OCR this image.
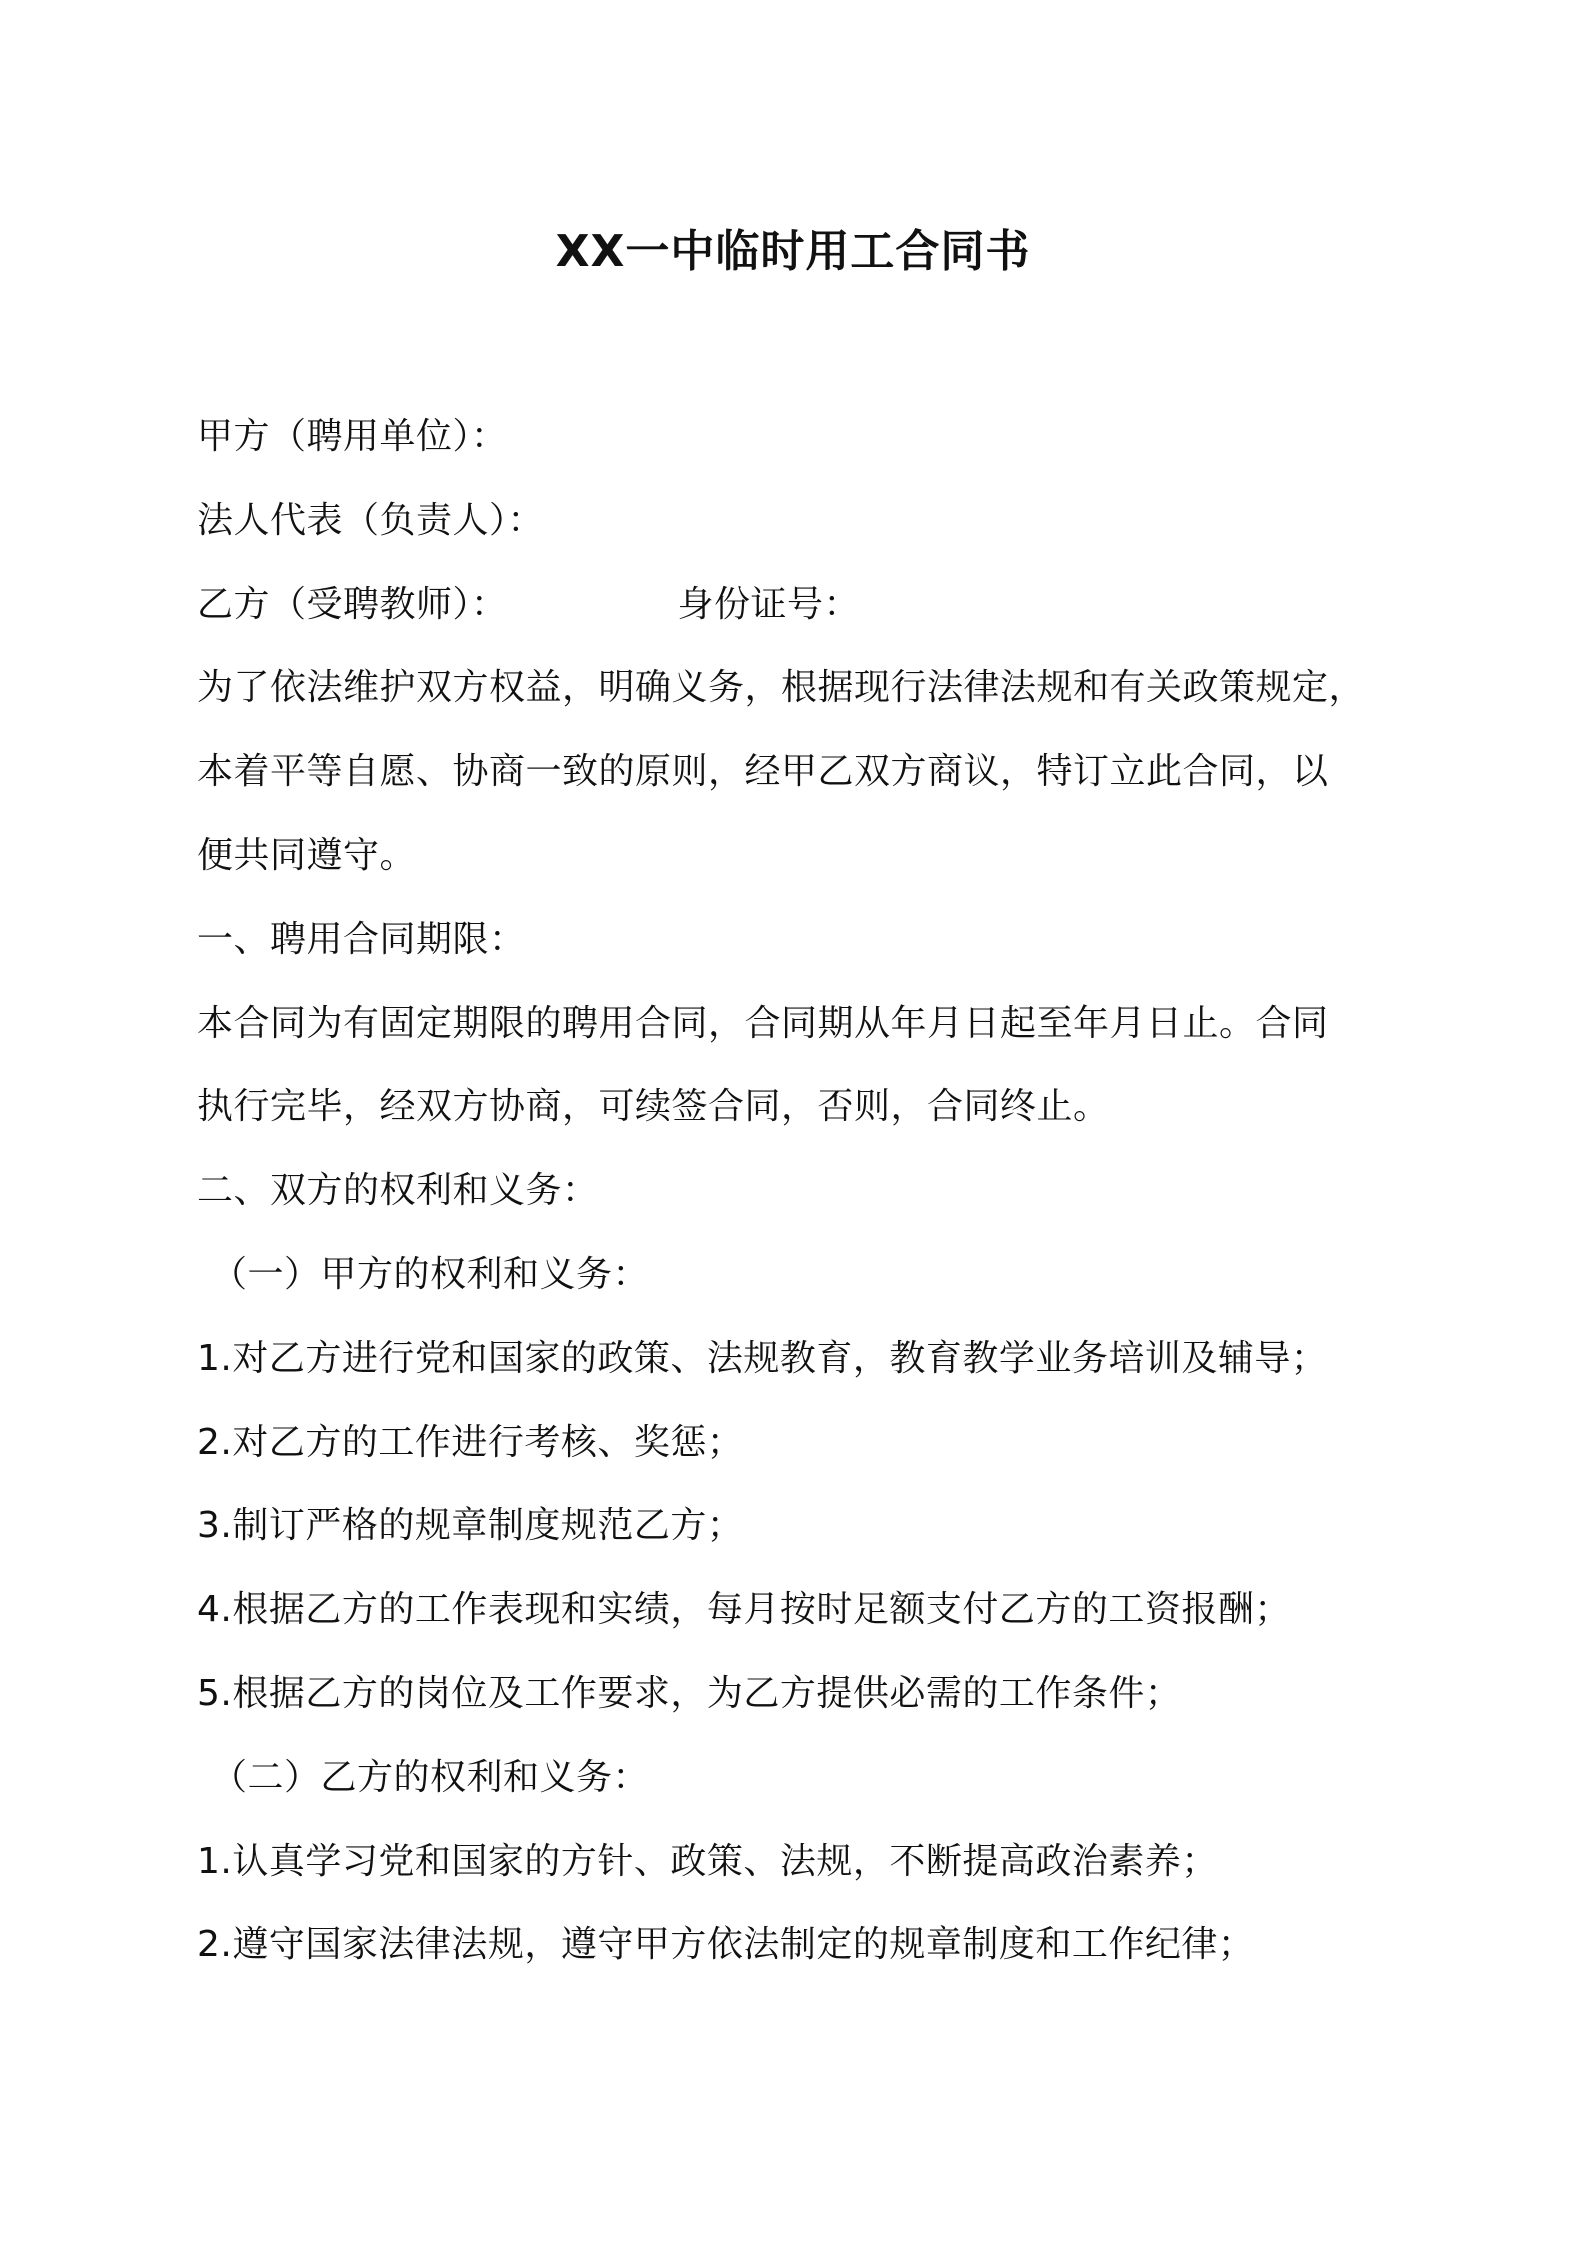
XX一中临时用工合同书

甲方（聘用单位）：

法人代表（负责人）：

乙方（受聘教师）：	身份证号：

为了依法维护双方权益，明确义务，根据现行法律法规和有关政策规定，

本着平等自愿、协商一致的原则，经甲乙双方商议，特订立此合同，以

便共同遵守。

一、聘用合同期限：

本合同为有固定期限的聘用合同，合同期从年月日起至年月日止。合同

执行完毕，经双方协商，可续签合同，否则，合同终止。

二、双方的权利和义务：

（一）甲方的权利和义务：

1.对乙方进行党和国家的政策、法规教育，教育教学业务培训及辅导；

2.对乙方的工作进行考核、奖惩；

3.制订严格的规章制度规范乙方；

4.根据乙方的工作表现和实绩，每月按时足额支付乙方的工资报酬；

5.根据乙方的岗位及工作要求，为乙方提供必需的工作条件；

（二）乙方的权利和义务：

1.认真学习党和国家的方针、政策、法规，不断提高政治素养；

2.遵守国家法律法规，遵守甲方依法制定的规章制度和工作纪律；
